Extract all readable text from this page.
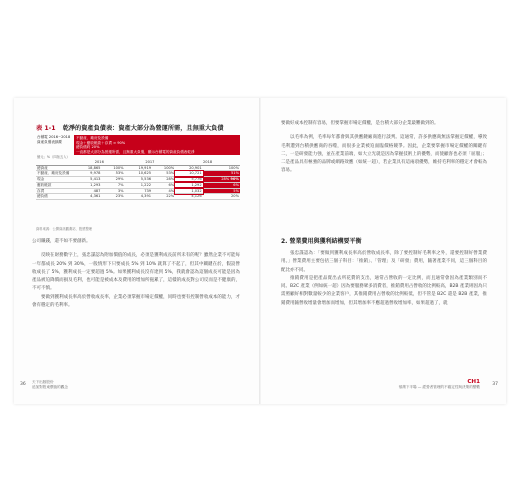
表 1-1 乾淨的資產負債表：資產大部分為營運所需，且無重大負債
台積電 2016~2018 資產負債表摘要	不動產、廠房及設備
現金＋應收帳款＋存貨 ≈ 90%
總負債約 20%
一直都是大部分為營運所需，且無重大負債，顯示台積電的資產負債表乾淨					

億元；%（四捨五入）						
	2016		2017		2018	
總資產	18,865	100%	19,919	100%	20,901	100%
不動產、廠房及設備	9,978	53%	10,625	53%	10,721	51%
現金	5,413	29%	5,536	28%	5,776	28% 90%
應收帳款	1,293	7%	1,222	6%	1,292	6%
存貨	487	3%	739	4%	1,032	5%
總負債	4,361	23%	4,391	22%	4,126	20%
資料來源：公開資訊觀測站、股感整理

公司賺錢，還不如不要創新。

反映在財務數字上，張忠謀認為附加價值的成長，必須是獲利成長前所未有的呢？雖然企業不可能每一年都成長 20% 到 30%，一般情形下只要成長 5% 到 10% 就算了不起了，但其中關鍵在於，假設營收成長了 5%，獲利成長一定要超過 5%。如果獲利成長沒有達到 5%，我就會認為這個成長可能是因為產品被迫降價而損及毛利，也可能是被成本及費用的增加所拖累了，這樣的成長對公司反而是不健康的，不可不慎。

要做到獲利成長率高於營收成長率，企業必須掌握市場定價權，同時也要有控制營收成本的能力，才會有穩定的毛利率。

36 天下出版股份
追加對股東價值的觀念

要做好成本控制有容易，但要掌握市場定價權，是台積大部分企業最難做到的。

以毛率為例，毛率每年都會與其供應鏈廠商進行談判。這通常，許多供應商無法掌握定價權，導致毛利遭到台積供應商的吞噬，而很多企業被迫面臨價格競爭。因此，企業要掌握市場定價權的關鍵有二，一是研發能力強，並在產業前端，如大立光就是因為掌握技術上的優勢，而使顧客也必須「屈服」；二是產品具有極強的品牌或網路效應（如統一超），若企業具有這兩項優勢，維持毛利率的穩定才會較為容易。

2. 營業費用與獲利結構要平衡

張忠謀認為：「要做到獲利成長率高於營收成長率，除了要控制好毛利率之外，還要控制好營業費用。」營業費用主要包括三個子科目：「推銷」、「管理」及「研發」費用，隨著產業不同，這三個科目的配比亦不同。

推銷費用是把產品賣出去所花費的支出，通常占營收的一定比例，而且通常會因為產業類別而不同。B2C 產業（例如統一超）因為要服務眾多消費者，推銷費用占營收的比例較高，B2B 產業則因為只需照顧好相對數量較少的企業客戶，其推銷費用占營收的比例較低，但不管是 B2C 還是 B2B 產業，推銷費用隨營收增量會增加而增加，但其增加率不應超過營收增加率，如果超過了，就

CH1
預測下半場 — 經營者管理的不確定性與決策的變數	37
